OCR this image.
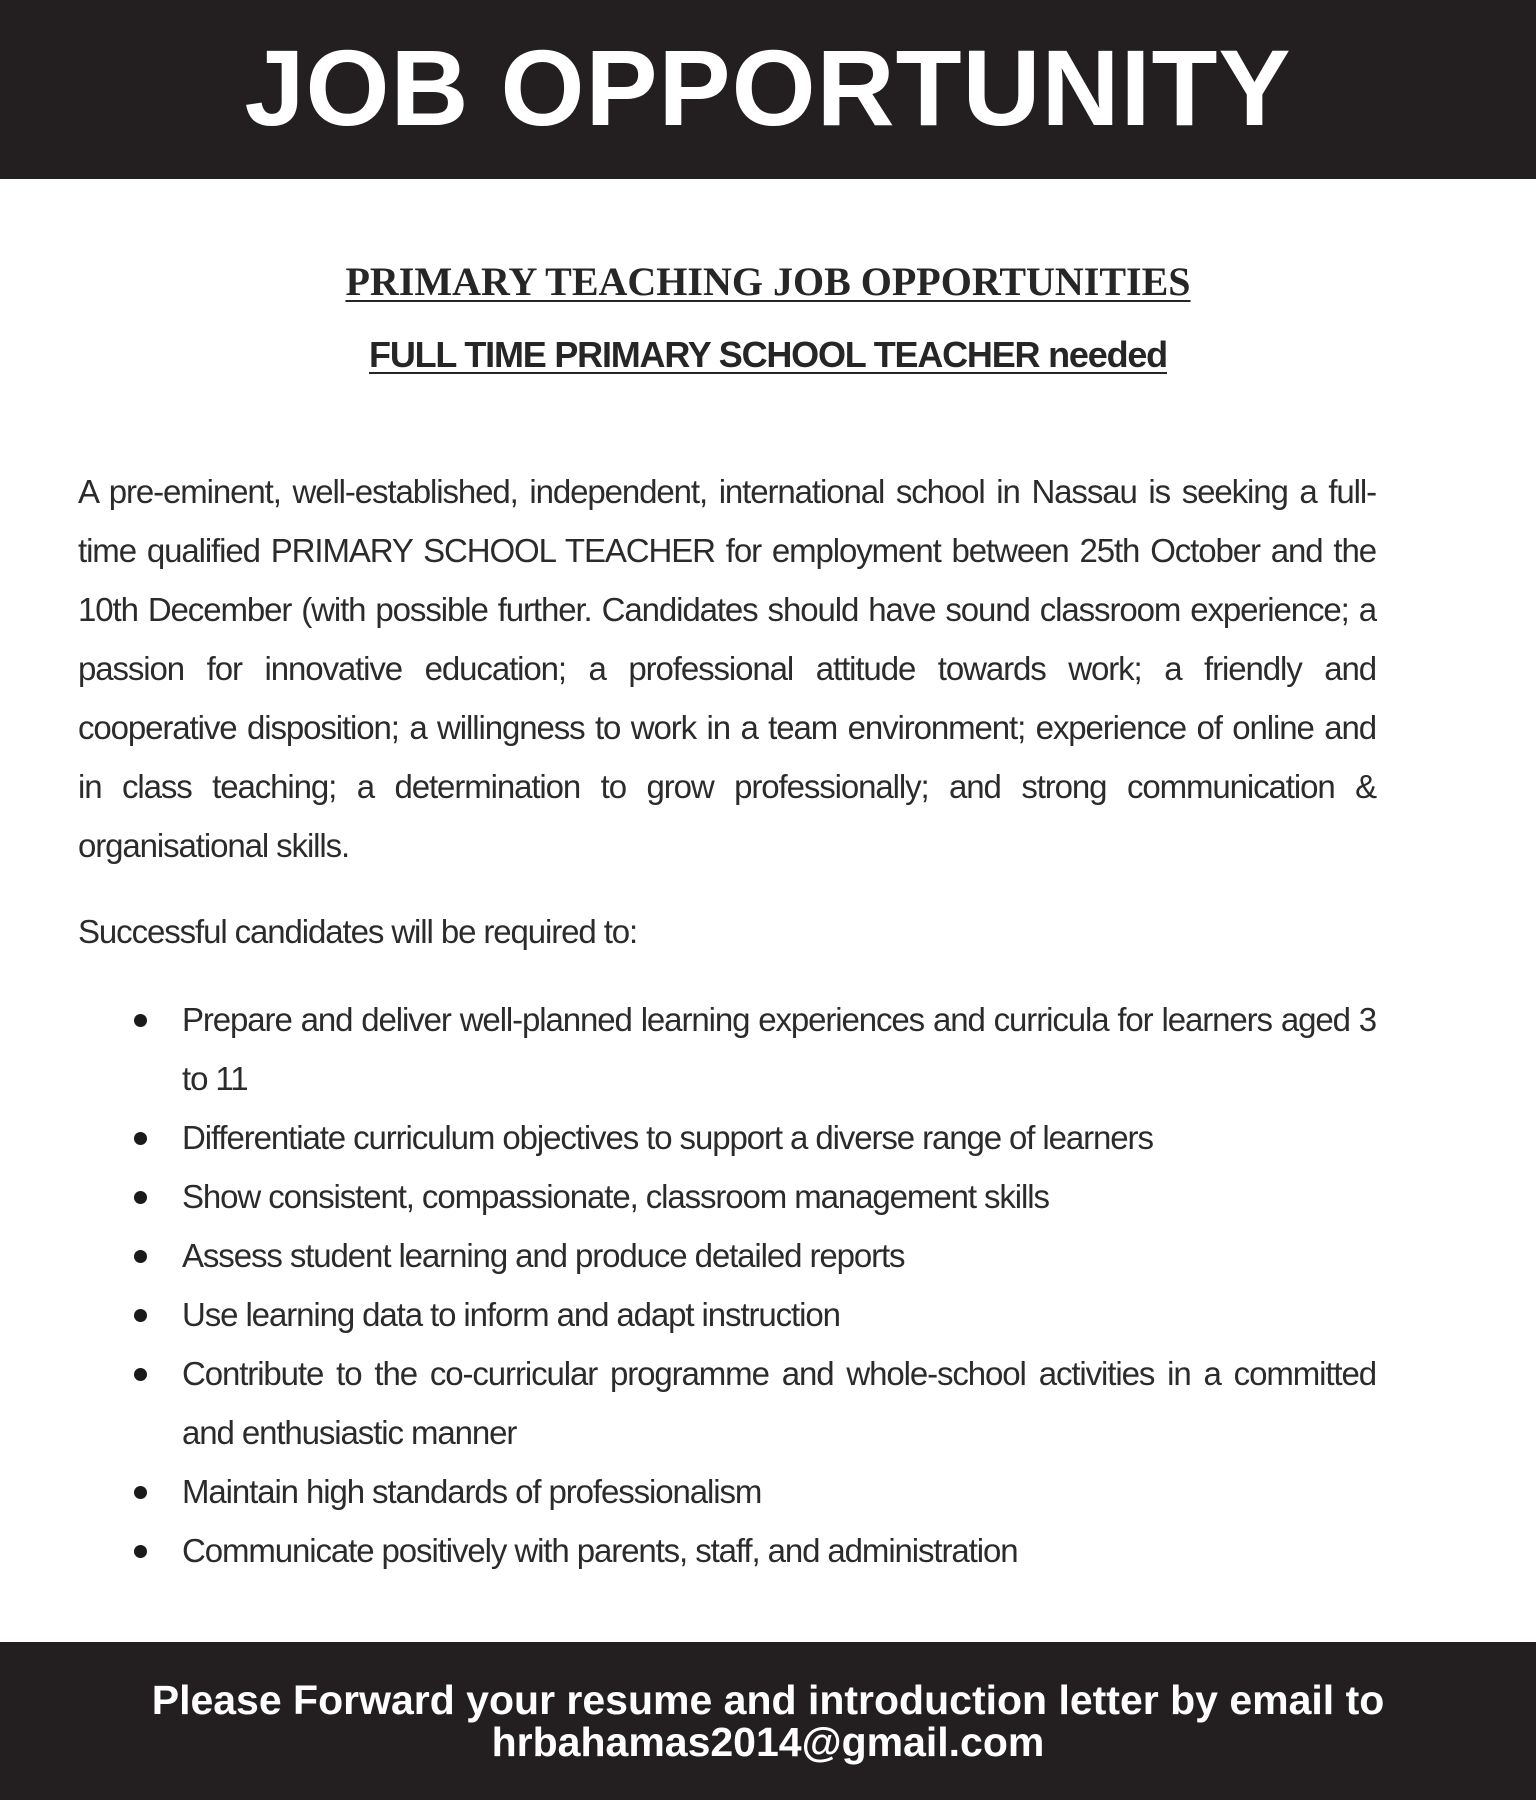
JOB OPPORTUNITY
PRIMARY TEACHING JOB OPPORTUNITIES
FULL TIME PRIMARY SCHOOL TEACHER needed

A pre-eminent, well-established, independent, international school in Nassau is seeking a full-time qualified PRIMARY SCHOOL TEACHER for employment between 25th October and the 10th December (with possible further. Candidates should have sound classroom experience; a passion for innovative education; a professional attitude towards work; a friendly and cooperative disposition; a willingness to work in a team environment; experience of online and in class teaching; a determination to grow professionally; and strong communication & organisational skills.

Successful candidates will be required to:

Prepare and deliver well-planned learning experiences and curricula for learners aged 3 to 11
Differentiate curriculum objectives to support a diverse range of learners
Show consistent, compassionate, classroom management skills
Assess student learning and produce detailed reports
Use learning data to inform and adapt instruction
Contribute to the co-curricular programme and whole-school activities in a committed and enthusiastic manner
Maintain high standards of professionalism
Communicate positively with parents, staff, and administration
Please Forward your resume and introduction letter by email to
hrbahamas2014@gmail.com
